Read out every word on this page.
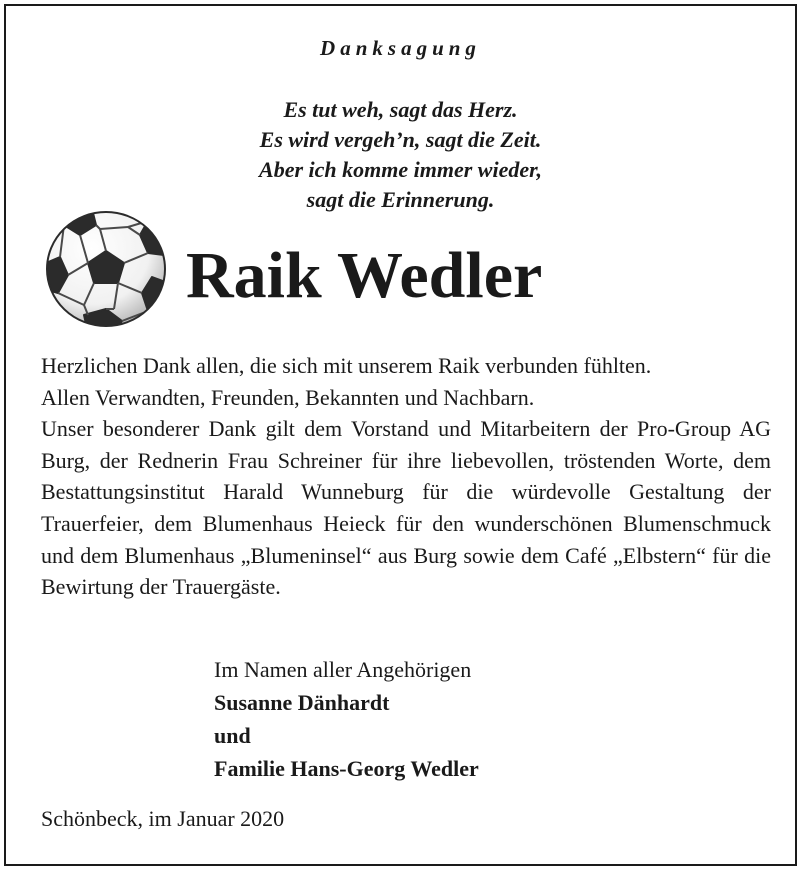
Danksagung
Es tut weh, sagt das Herz.
Es wird vergeh’n, sagt die Zeit.
Aber ich komme immer wieder,
sagt die Erinnerung.
Raik Wedler

Herzlichen Dank allen, die sich mit unserem Raik verbunden fühlten.

Allen Verwandten, Freunden, Bekannten und Nachbarn.

Unser besonderer Dank gilt dem Vorstand und Mitarbeitern der Pro-Group AG Burg, der Rednerin Frau Schreiner für ihre liebevollen, tröstenden Worte, dem Bestattungsinstitut Harald Wunneburg für die würdevolle Gestaltung der Trauerfeier, dem Blumenhaus Heieck für den wunderschönen Blumenschmuck und dem Blumenhaus „Blumeninsel“ aus Burg sowie dem Café „Elbstern“ für die Bewirtung der Trauergäste.

Im Namen aller Angehörigen
Susanne Dänhardt
und
Familie Hans-Georg Wedler
Schönbeck, im Januar 2020
